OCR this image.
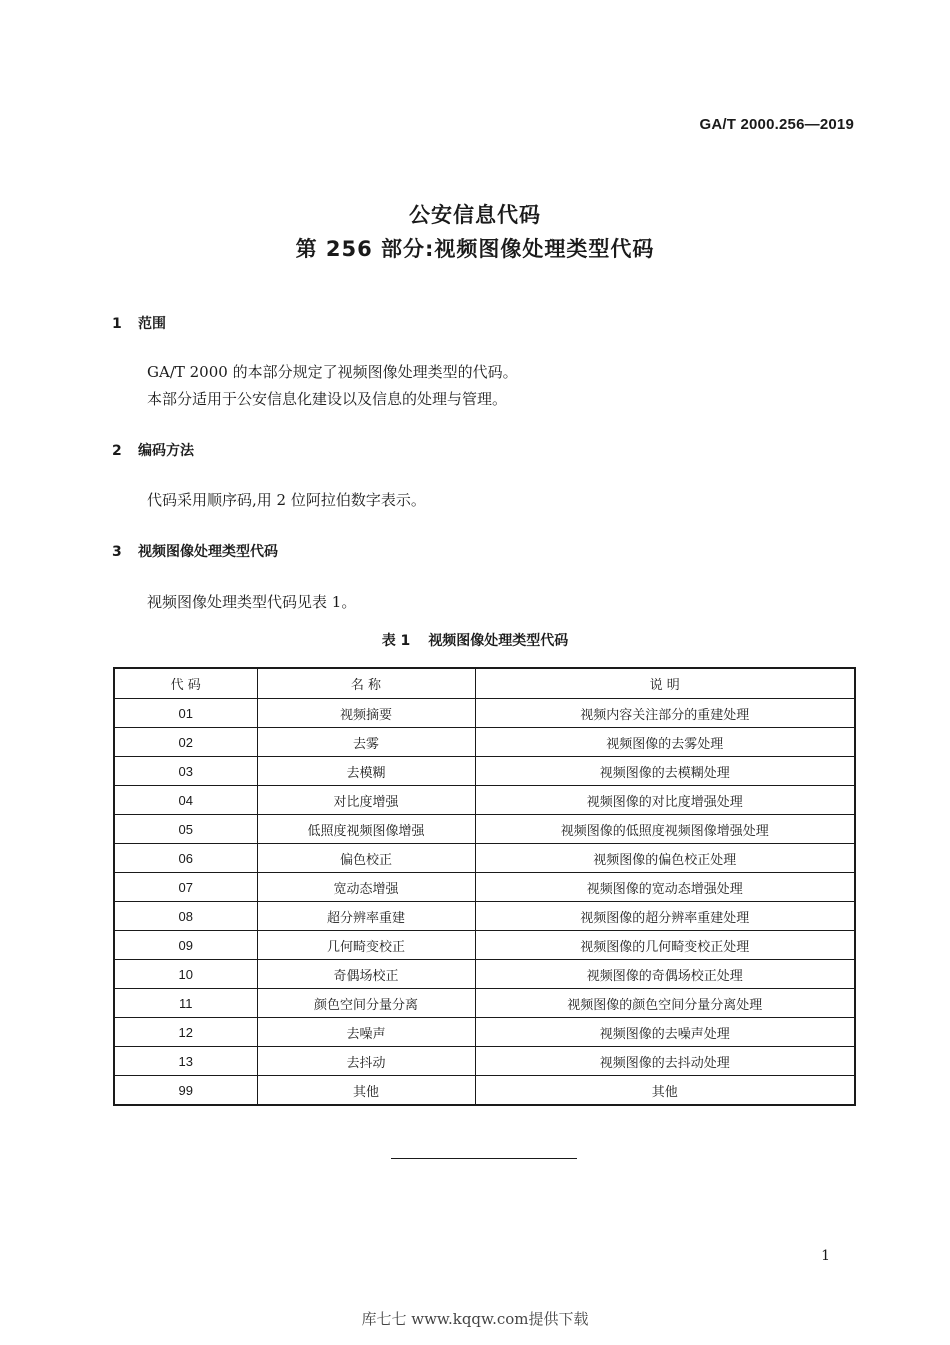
GA/T 2000.256—2019
公安信息代码
第 256 部分:视频图像处理类型代码
1 范围
GA/T 2000 的本部分规定了视频图像处理类型的代码。
本部分适用于公安信息化建设以及信息的处理与管理。
2 编码方法
代码采用顺序码,用 2 位阿拉伯数字表示。
3 视频图像处理类型代码
视频图像处理类型代码见表 1。
表 1 视频图像处理类型代码
代 码	名 称	说 明
01	视频摘要	视频内容关注部分的重建处理
02	去雾	视频图像的去雾处理
03	去模糊	视频图像的去模糊处理
04	对比度增强	视频图像的对比度增强处理
05	低照度视频图像增强	视频图像的低照度视频图像增强处理
06	偏色校正	视频图像的偏色校正处理
07	宽动态增强	视频图像的宽动态增强处理
08	超分辨率重建	视频图像的超分辨率重建处理
09	几何畸变校正	视频图像的几何畸变校正处理
10	奇偶场校正	视频图像的奇偶场校正处理
11	颜色空间分量分离	视频图像的颜色空间分量分离处理
12	去噪声	视频图像的去噪声处理
13	去抖动	视频图像的去抖动处理
99	其他	其他
1
库七七 www.kqqw.com提供下载
